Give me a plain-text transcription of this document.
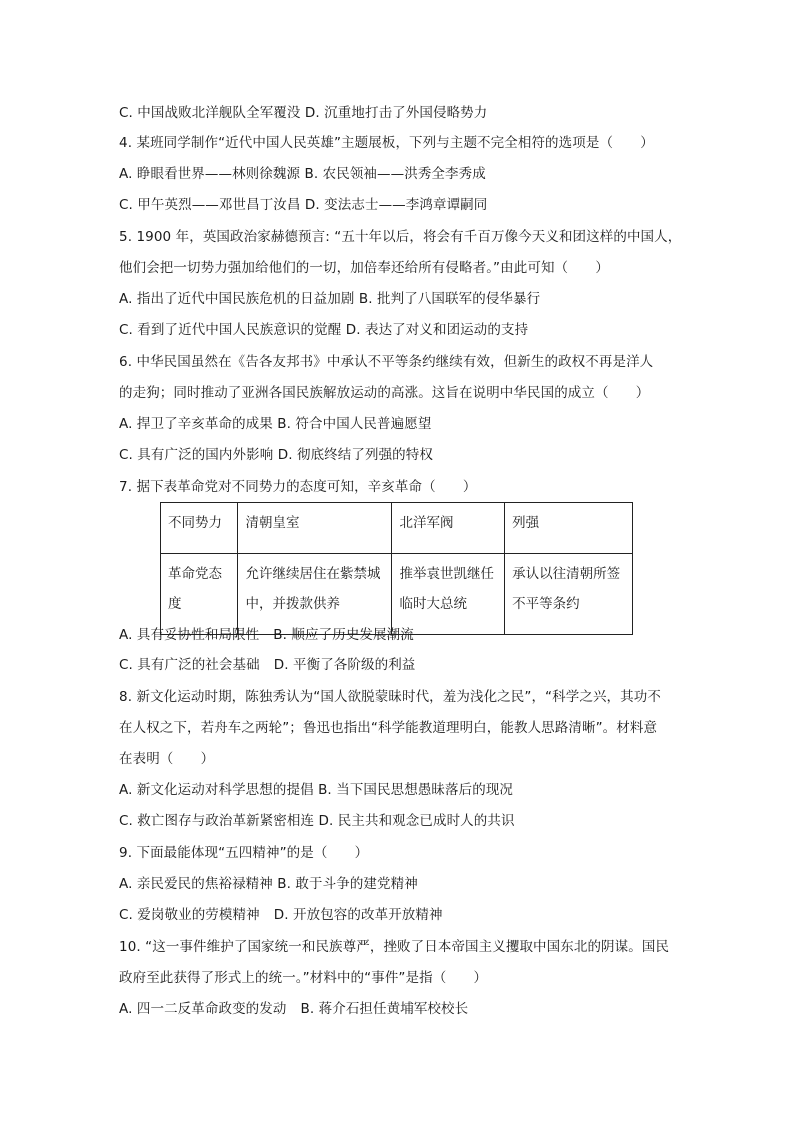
C. 中国战败北洋舰队全军覆没 D. 沉重地打击了外国侵略势力
4. 某班同学制作“近代中国人民英雄”主题展板，下列与主题不完全相符的选项是（　　）
A. 睁眼看世界——林则徐魏源 B. 农民领袖——洪秀全李秀成
C. 甲午英烈——邓世昌丁汝昌 D. 变法志士——李鸿章谭嗣同
5. 1900 年，英国政治家赫德预言: “五十年以后，将会有千百万像今天义和团这样的中国人，
他们会把一切势力强加给他们的一切，加倍奉还给所有侵略者。”由此可知（　　）
A. 指出了近代中国民族危机的日益加剧 B. 批判了八国联军的侵华暴行
C. 看到了近代中国人民族意识的觉醒 D. 表达了对义和团运动的支持
6. 中华民国虽然在《告各友邦书》中承认不平等条约继续有效，但新生的政权不再是洋人
的走狗；同时推动了亚洲各国民族解放运动的高涨。这旨在说明中华民国的成立（　　）
A. 捍卫了辛亥革命的成果 B. 符合中国人民普遍愿望
C. 具有广泛的国内外影响 D. 彻底终结了列强的特权
7. 据下表革命党对不同势力的态度可知，辛亥革命（　　）
不同势力	清朝皇室	北洋军阀	列强
革命党态度	允许继续居住在紫禁城中，并拨款供养	推举袁世凯继任临时大总统	承认以往清朝所签不平等条约
A. 具有妥协性和局限性 B. 顺应了历史发展潮流
C. 具有广泛的社会基础 D. 平衡了各阶级的利益
8. 新文化运动时期，陈独秀认为“国人欲脱蒙昧时代，羞为浅化之民”，“科学之兴，其功不
在人权之下，若舟车之两轮”；鲁迅也指出“科学能教道理明白，能教人思路清晰”。材料意
在表明（　　）
A. 新文化运动对科学思想的提倡 B. 当下国民思想愚昧落后的现况
C. 救亡图存与政治革新紧密相连 D. 民主共和观念已成时人的共识
9. 下面最能体现“五四精神”的是（　　）
A. 亲民爱民的焦裕禄精神 B. 敢于斗争的建党精神
C. 爱岗敬业的劳模精神 D. 开放包容的改革开放精神
10. “这一事件维护了国家统一和民族尊严，挫败了日本帝国主义攫取中国东北的阴谋。国民
政府至此获得了形式上的统一。”材料中的“事件”是指（　　）
A. 四一二反革命政变的发动 B. 蒋介石担任黄埔军校校长
